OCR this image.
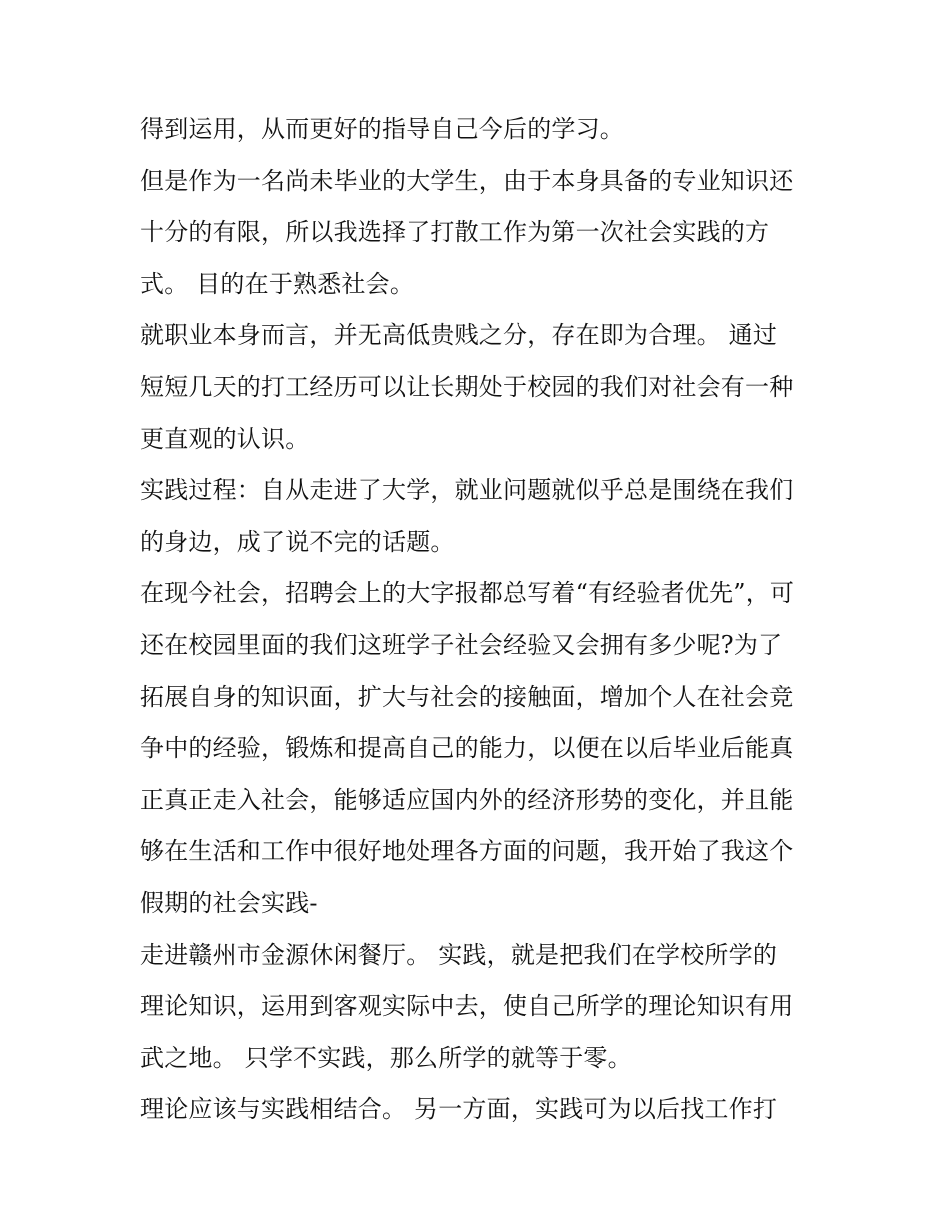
得到运用，从而更好的指导自己今后的学习。
但是作为一名尚未毕业的大学生，由于本身具备的专业知识还
十分的有限，所以我选择了打散工作为第一次社会实践的方
式。 目的在于熟悉社会。
就职业本身而言，并无高低贵贱之分，存在即为合理。 通过
短短几天的打工经历可以让长期处于校园的我们对社会有一种
更直观的认识。
实践过程：自从走进了大学，就业问题就似乎总是围绕在我们
的身边，成了说不完的话题。
在现今社会，招聘会上的大字报都总写着“有经验者优先”，可
还在校园里面的我们这班学子社会经验又会拥有多少呢?为了
拓展自身的知识面，扩大与社会的接触面，增加个人在社会竞
争中的经验，锻炼和提高自己的能力，以便在以后毕业后能真
正真正走入社会，能够适应国内外的经济形势的变化，并且能
够在生活和工作中很好地处理各方面的问题，我开始了我这个
假期的社会实践-
走进赣州市金源休闲餐厅。 实践，就是把我们在学校所学的
理论知识，运用到客观实际中去，使自己所学的理论知识有用
武之地。 只学不实践，那么所学的就等于零。
理论应该与实践相结合。 另一方面，实践可为以后找工作打
